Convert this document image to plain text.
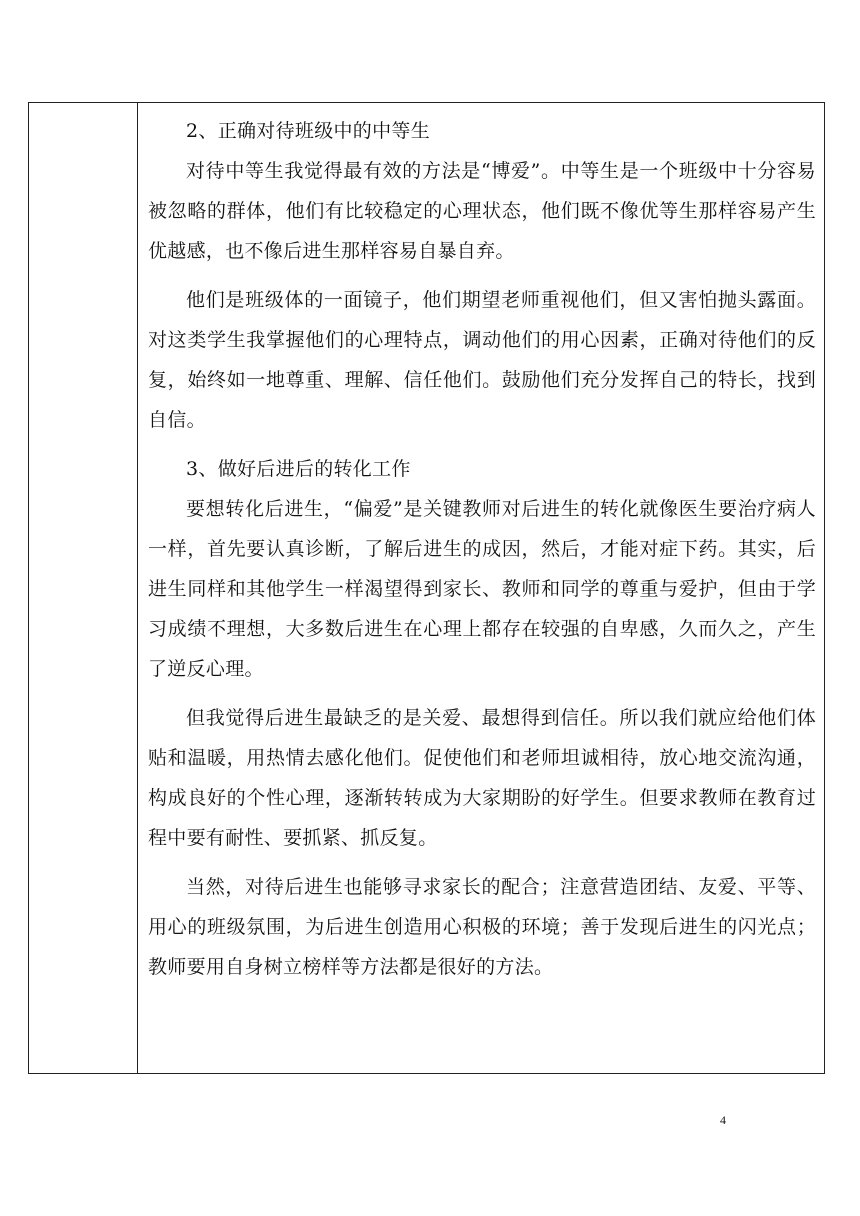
2、正确对待班级中的中等生

对待中等生我觉得最有效的方法是“博爱”。中等生是一个班级中十分容易被忽略的群体，他们有比较稳定的心理状态，他们既不像优等生那样容易产生优越感，也不像后进生那样容易自暴自弃。

他们是班级体的一面镜子，他们期望老师重视他们，但又害怕抛头露面。对这类学生我掌握他们的心理特点，调动他们的用心因素，正确对待他们的反复，始终如一地尊重、理解、信任他们。鼓励他们充分发挥自己的特长，找到自信。

3、做好后进后的转化工作

要想转化后进生，“偏爱”是关键教师对后进生的转化就像医生要治疗病人一样，首先要认真诊断，了解后进生的成因，然后，才能对症下药。其实，后进生同样和其他学生一样渴望得到家长、教师和同学的尊重与爱护，但由于学习成绩不理想，大多数后进生在心理上都存在较强的自卑感，久而久之，产生了逆反心理。

但我觉得后进生最缺乏的是关爱、最想得到信任。所以我们就应给他们体贴和温暖，用热情去感化他们。促使他们和老师坦诚相待，放心地交流沟通，构成良好的个性心理，逐渐转转成为大家期盼的好学生。但要求教师在教育过程中要有耐性、要抓紧、抓反复。

当然，对待后进生也能够寻求家长的配合；注意营造团结、友爱、平等、用心的班级氛围，为后进生创造用心积极的环境；善于发现后进生的闪光点；教师要用自身树立榜样等方法都是很好的方法。

4
